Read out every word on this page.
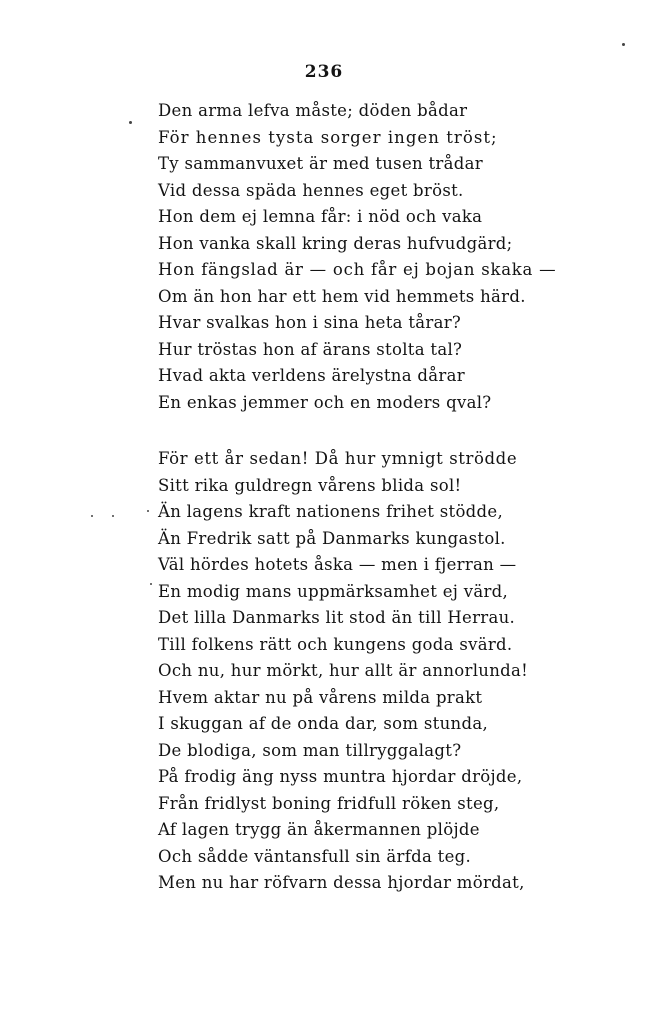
236
Den arma lefva måste; döden bådar
För hennes tysta sorger ingen tröst;
Ty sammanvuxet är med tusen trådar
Vid dessa späda hennes eget bröst.
Hon dem ej lemna får: i nöd och vaka
Hon vanka skall kring deras hufvudgärd;
Hon fängslad är — och får ej bojan skaka —
Om än hon har ett hem vid hemmets härd.
Hvar svalkas hon i sina heta tårar?
Hur tröstas hon af ärans stolta tal?
Hvad akta verldens ärelystna dårar
En enkas jemmer och en moders qval?
För ett år sedan! Då hur ymnigt strödde
Sitt rika guldregn vårens blida sol!
Än lagens kraft nationens frihet stödde,
Än Fredrik satt på Danmarks kungastol.
Väl hördes hotets åska — men i fjerran —
En modig mans uppmärksamhet ej värd,
Det lilla Danmarks lit stod än till Herrau.
Till folkens rätt och kungens goda svärd.
Och nu, hur mörkt, hur allt är annorlunda!
Hvem aktar nu på vårens milda prakt
I skuggan af de onda dar, som stunda,
De blodiga, som man tillryggalagt?
På frodig äng nyss muntra hjordar dröjde,
Från fridlyst boning fridfull röken steg,
Af lagen trygg än åkermannen plöjde
Och sådde väntansfull sin ärfda teg.
Men nu har röfvarn dessa hjordar mördat,
